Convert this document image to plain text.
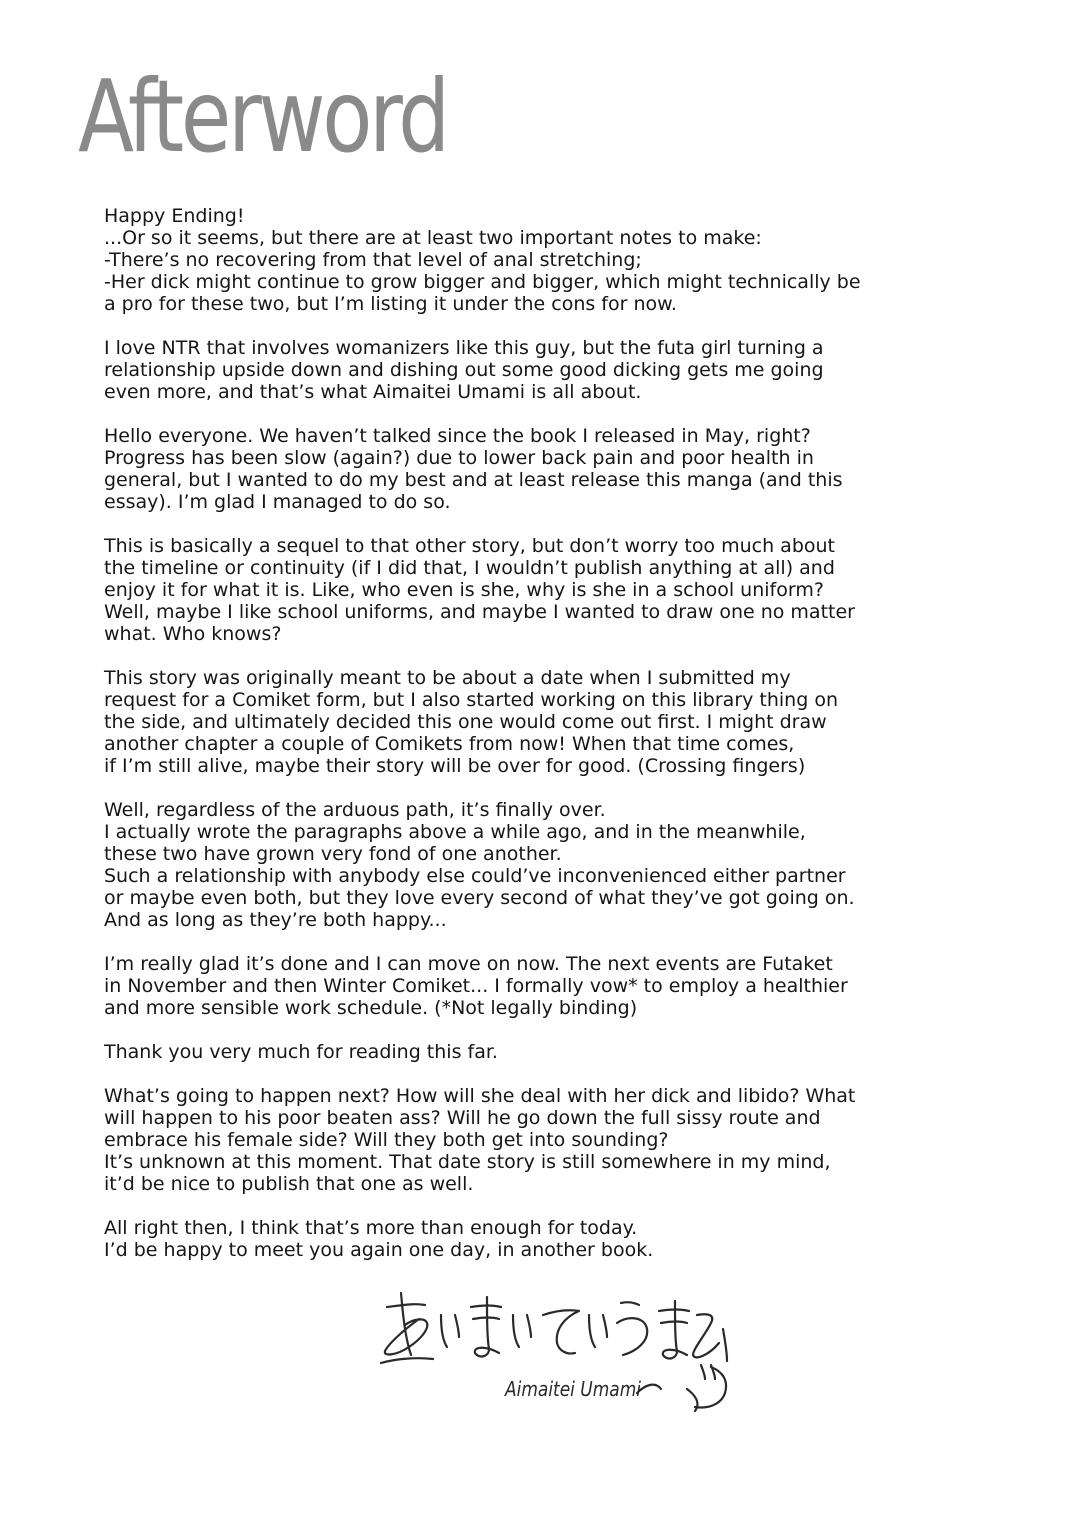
Afterword
Happy Ending!
...Or so it seems, but there are at least two important notes to make:
-There’s no recovering from that level of anal stretching;
-Her dick might continue to grow bigger and bigger, which might technically be
a pro for these two, but I’m listing it under the cons for now.
I love NTR that involves womanizers like this guy, but the futa girl turning a
relationship upside down and dishing out some good dicking gets me going
even more, and that’s what Aimaitei Umami is all about.
Hello everyone. We haven’t talked since the book I released in May, right?
Progress has been slow (again?) due to lower back pain and poor health in
general, but I wanted to do my best and at least release this manga (and this
essay). I’m glad I managed to do so.
This is basically a sequel to that other story, but don’t worry too much about
the timeline or continuity (if I did that, I wouldn’t publish anything at all) and
enjoy it for what it is. Like, who even is she, why is she in a school uniform?
Well, maybe I like school uniforms, and maybe I wanted to draw one no matter
what. Who knows?
This story was originally meant to be about a date when I submitted my
request for a Comiket form, but I also started working on this library thing on
the side, and ultimately decided this one would come out first. I might draw
another chapter a couple of Comikets from now! When that time comes,
if I’m still alive, maybe their story will be over for good. (Crossing fingers)
Well, regardless of the arduous path, it’s finally over.
I actually wrote the paragraphs above a while ago, and in the meanwhile,
these two have grown very fond of one another.
Such a relationship with anybody else could’ve inconvenienced either partner
or maybe even both, but they love every second of what they’ve got going on.
And as long as they’re both happy...
I’m really glad it’s done and I can move on now. The next events are Futaket
in November and then Winter Comiket... I formally vow* to employ a healthier
and more sensible work schedule. (*Not legally binding)
Thank you very much for reading this far.
What’s going to happen next? How will she deal with her dick and libido? What
will happen to his poor beaten ass? Will he go down the full sissy route and
embrace his female side? Will they both get into sounding?
It’s unknown at this moment. That date story is still somewhere in my mind,
it’d be nice to publish that one as well.
All right then, I think that’s more than enough for today.
I’d be happy to meet you again one day, in another book.
Aimaitei Umami
